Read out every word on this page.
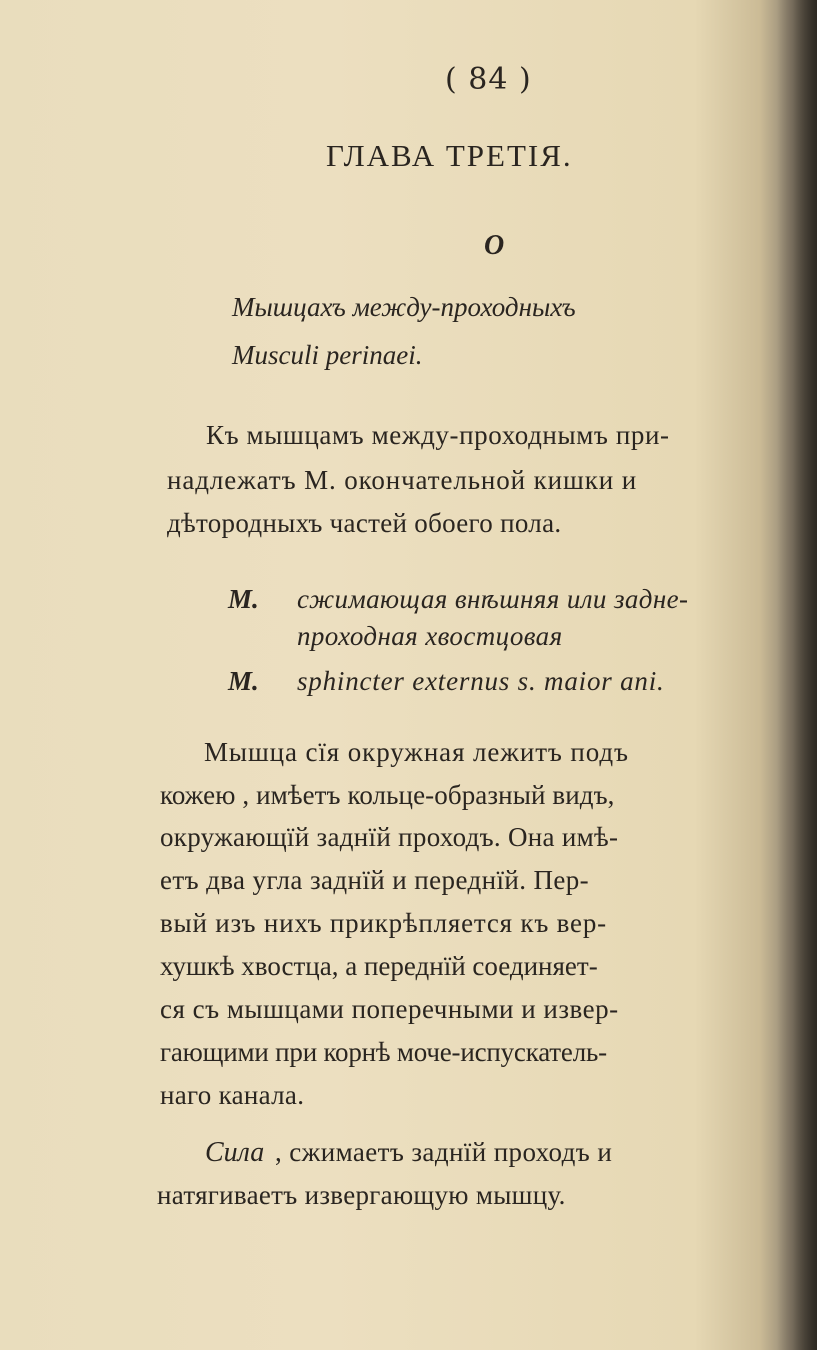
( 84 )
ГЛАВА ТРЕТІЯ.
О
Мышцахъ между-проходныхъ
Musculi perinaei.
Къ мышцамъ между-проходнымъ при-
надлежатъ М. окончательной кишки и
дѣтородныхъ частей обоего пола.
М. сжимающая внѣшняя или задне-
проходная хвостцовая
М. sphincter externus s. maior ani.
Мышца сїя окружная лежитъ подъ
кожею , имѣетъ кольце-образный видъ,
окружающїй заднїй проходъ. Она имѣ-
етъ два угла заднїй и переднїй. Пер-
вый изъ нихъ прикрѣпляется къ вер-
хушкѣ хвостца, а переднїй соединяет-
ся съ мышцами поперечными и извер-
гающими при корнѣ моче-испускатель-
наго канала.
Сила , сжимаетъ заднїй проходъ и
натягиваетъ извергающую мышцу.
